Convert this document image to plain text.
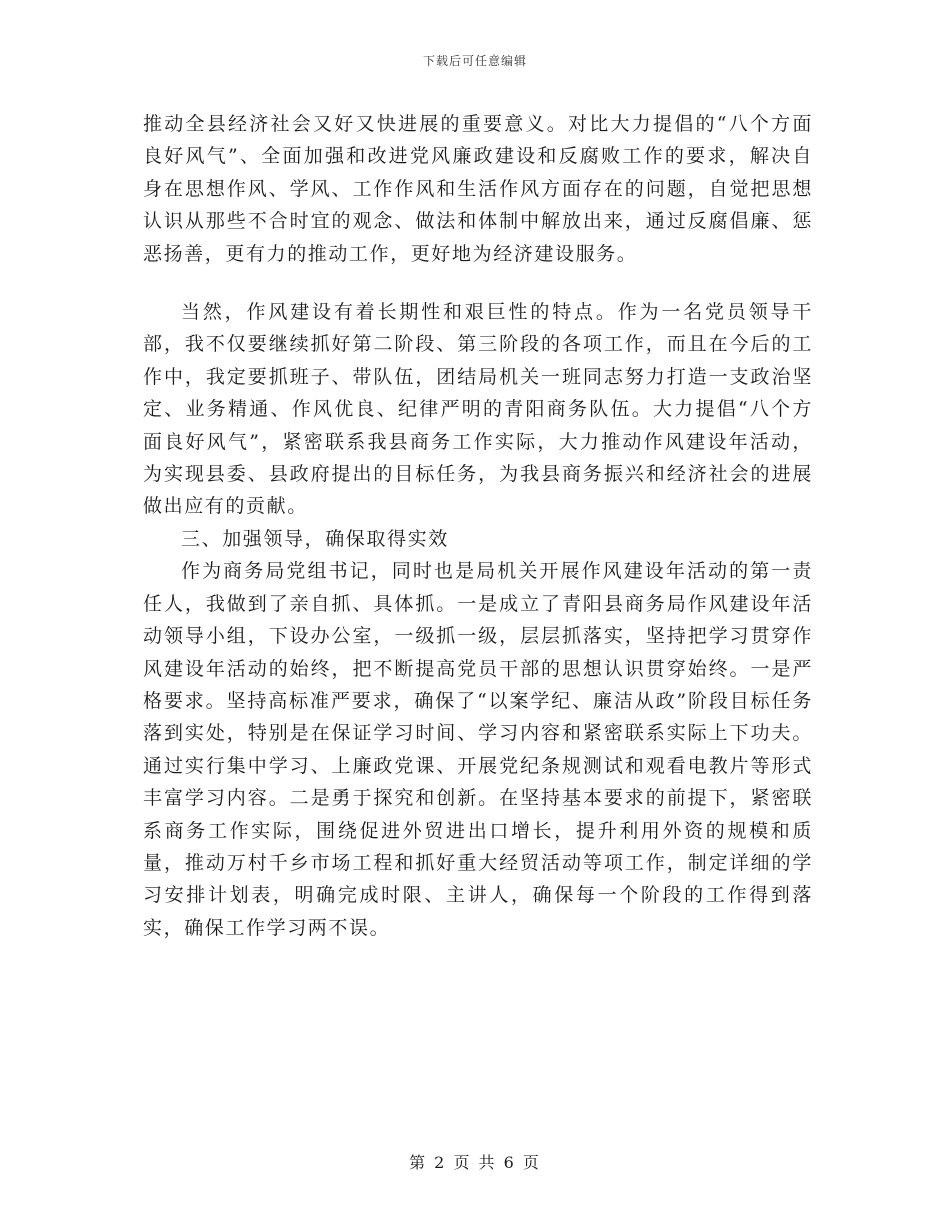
下载后可任意编辑

推动全县经济社会又好又快进展的重要意义。对比大力提倡的“八个方面良好风气”、全面加强和改进党风廉政建设和反腐败工作的要求，解决自身在思想作风、学风、工作作风和生活作风方面存在的问题，自觉把思想认识从那些不合时宜的观念、做法和体制中解放出来，通过反腐倡廉、惩恶扬善，更有力的推动工作，更好地为经济建设服务。

当然，作风建设有着长期性和艰巨性的特点。作为一名党员领导干部，我不仅要继续抓好第二阶段、第三阶段的各项工作，而且在今后的工作中，我定要抓班子、带队伍，团结局机关一班同志努力打造一支政治坚定、业务精通、作风优良、纪律严明的青阳商务队伍。大力提倡“八个方面良好风气”，紧密联系我县商务工作实际，大力推动作风建设年活动，为实现县委、县政府提出的目标任务，为我县商务振兴和经济社会的进展做出应有的贡献。

三、加强领导，确保取得实效

作为商务局党组书记，同时也是局机关开展作风建设年活动的第一责任人，我做到了亲自抓、具体抓。一是成立了青阳县商务局作风建设年活动领导小组，下设办公室，一级抓一级，层层抓落实，坚持把学习贯穿作风建设年活动的始终，把不断提高党员干部的思想认识贯穿始终。一是严格要求。坚持高标准严要求，确保了“以案学纪、廉洁从政”阶段目标任务落到实处，特别是在保证学习时间、学习内容和紧密联系实际上下功夫。通过实行集中学习、上廉政党课、开展党纪条规测试和观看电教片等形式丰富学习内容。二是勇于探究和创新。在坚持基本要求的前提下，紧密联系商务工作实际，围绕促进外贸进出口增长，提升利用外资的规模和质量，推动万村千乡市场工程和抓好重大经贸活动等项工作，制定详细的学习安排计划表，明确完成时限、主讲人，确保每一个阶段的工作得到落实，确保工作学习两不误。

第 2 页 共 6 页
